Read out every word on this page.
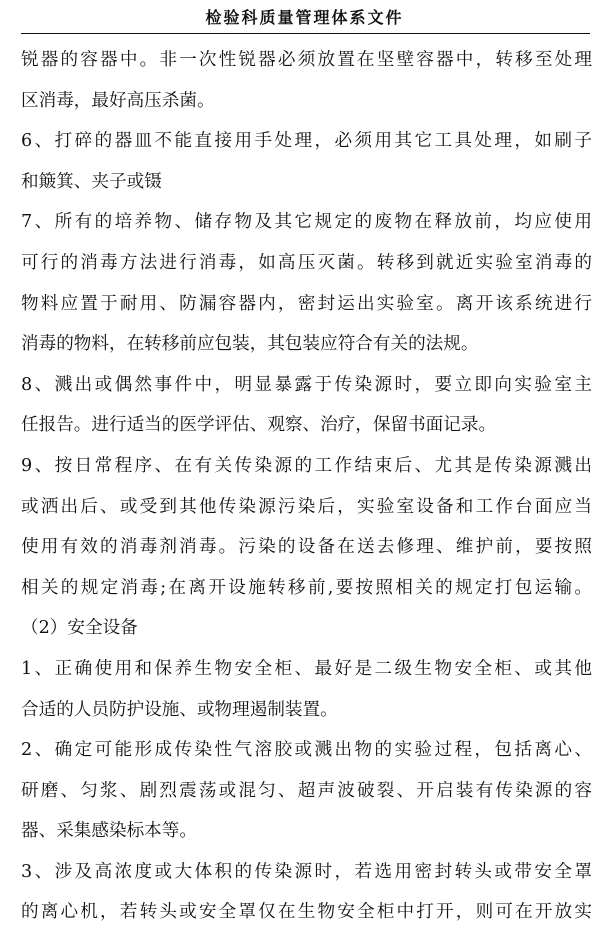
检验科质量管理体系文件
锐器的容器中。非一次性锐器必须放置在坚壁容器中，转移至处理
区消毒，最好高压杀菌。
6、打碎的器皿不能直接用手处理，必须用其它工具处理，如刷子
和簸箕、夹子或镊
7、所有的培养物、储存物及其它规定的废物在释放前，均应使用
可行的消毒方法进行消毒，如高压灭菌。转移到就近实验室消毒的
物料应置于耐用、防漏容器内，密封运出实验室。离开该系统进行
消毒的物料，在转移前应包装，其包装应符合有关的法规。
8、溅出或偶然事件中，明显暴露于传染源时，要立即向实验室主
任报告。进行适当的医学评估、观察、治疗，保留书面记录。
9、按日常程序、在有关传染源的工作结束后、尤其是传染源溅出
或洒出后、或受到其他传染源污染后，实验室设备和工作台面应当
使用有效的消毒剂消毒。污染的设备在送去修理、维护前，要按照
相关的规定消毒;在离开设施转移前,要按照相关的规定打包运输。
（2）安全设备
1、正确使用和保养生物安全柜、最好是二级生物安全柜、或其他
合适的人员防护设施、或物理遏制装置。
2、确定可能形成传染性气溶胶或溅出物的实验过程，包括离心、
研磨、匀浆、剧烈震荡或混匀、超声波破裂、开启装有传染源的容
器、采集感染标本等。
3、涉及高浓度或大体积的传染源时，若选用密封转头或带安全罩
的离心机，若转头或安全罩仅在生物安全柜中打开，则可在开放实
